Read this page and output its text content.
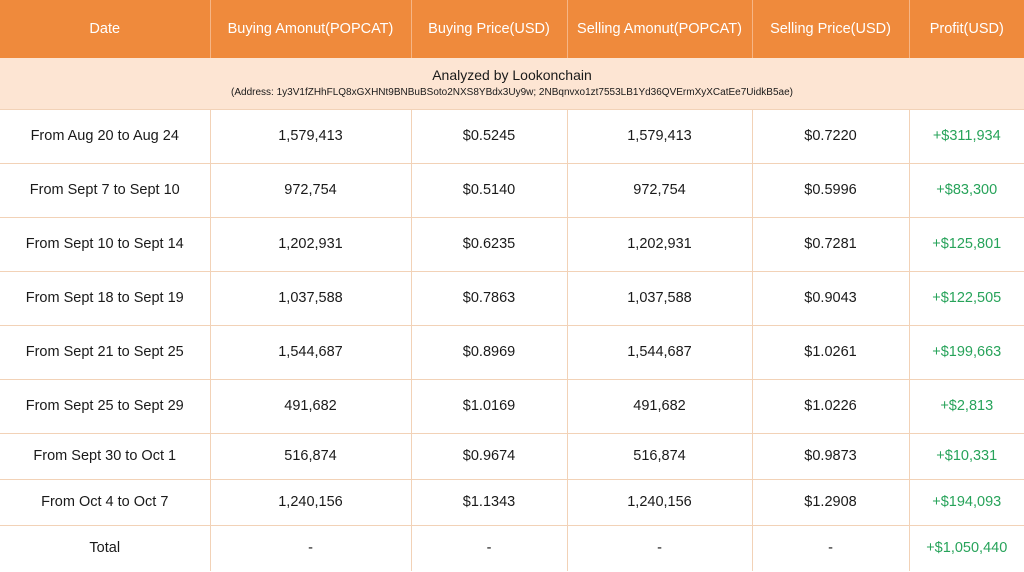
Date	Buying Amonut(POPCAT)	Buying Price(USD)	Selling Amonut(POPCAT)	Selling Price(USD)	Profit(USD)

Analyzed by Lookonchain
(Address: 1y3V1fZHhFLQ8xGXHNt9BNBuBSoto2NXS8YBdx3Uy9w; 2NBqnvxo1zt7553LB1Yd36QVErmXyXCatEe7UidkB5ae)					

From Aug 20 to Aug 24	1,579,413	$0.5245	1,579,413	$0.7220	+$311,934
From Sept 7 to Sept 10	972,754	$0.5140	972,754	$0.5996	+$83,300
From Sept 10 to Sept 14	1,202,931	$0.6235	1,202,931	$0.7281	+$125,801
From Sept 18 to Sept 19	1,037,588	$0.7863	1,037,588	$0.9043	+$122,505
From Sept 21 to Sept 25	1,544,687	$0.8969	1,544,687	$1.0261	+$199,663
From Sept 25 to Sept 29	491,682	$1.0169	491,682	$1.0226	+$2,813
From Sept 30 to Oct 1	516,874	$0.9674	516,874	$0.9873	+$10,331
From Oct 4 to Oct 7	1,240,156	$1.1343	1,240,156	$1.2908	+$194,093
Total	-	-	-	-	+$1,050,440
